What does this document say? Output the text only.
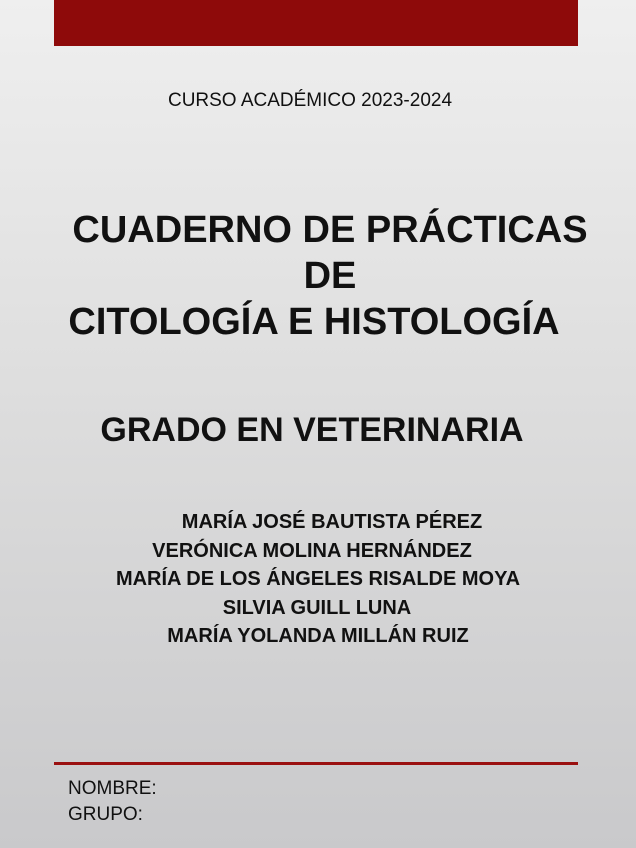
CURSO ACADÉMICO 2023-2024
CUADERNO DE PRÁCTICAS
DE
CITOLOGÍA E HISTOLOGÍA
GRADO EN VETERINARIA
MARÍA JOSÉ BAUTISTA PÉREZ
VERÓNICA MOLINA HERNÁNDEZ
MARÍA DE LOS ÁNGELES RISALDE MOYA
SILVIA GUILL LUNA
MARÍA YOLANDA MILLÁN RUIZ
NOMBRE:
GRUPO:
